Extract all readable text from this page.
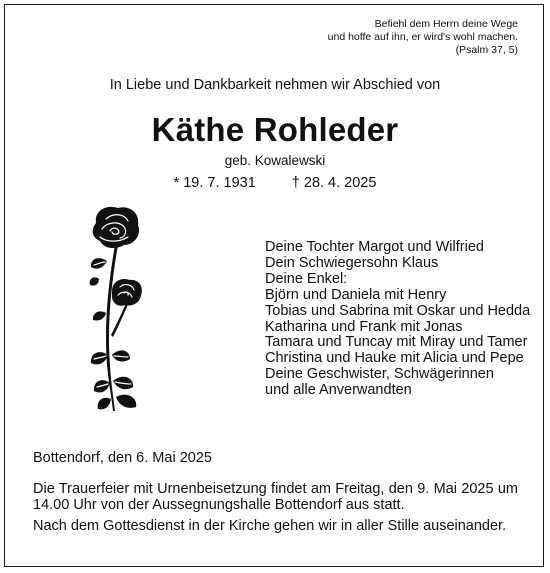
Befiehl dem Herrn deine Wege
und hoffe auf ihn, er wird's wohl machen.
(Psalm 37, 5)

In Liebe und Dankbarkeit nehmen wir Abschied von

Käthe Rohleder

geb. Kowalewski

* 19. 7. 1931 † 28. 4. 2025

Deine Tochter Margot und Wilfried
Dein Schwiegersohn Klaus
Deine Enkel:
Björn und Daniela mit Henry
Tobias und Sabrina mit Oskar und Hedda
Katharina und Frank mit Jonas
Tamara und Tuncay mit Miray und Tamer
Christina und Hauke mit Alicia und Pepe
Deine Geschwister, Schwägerinnen
und alle Anverwandten

Bottendorf, den 6. Mai 2025

Die Trauerfeier mit Urnenbeisetzung findet am Freitag, den 9. Mai 2025 um 14.00 Uhr von der Aussegnungshalle Bottendorf aus statt.

Nach dem Gottesdienst in der Kirche gehen wir in aller Stille auseinander.
